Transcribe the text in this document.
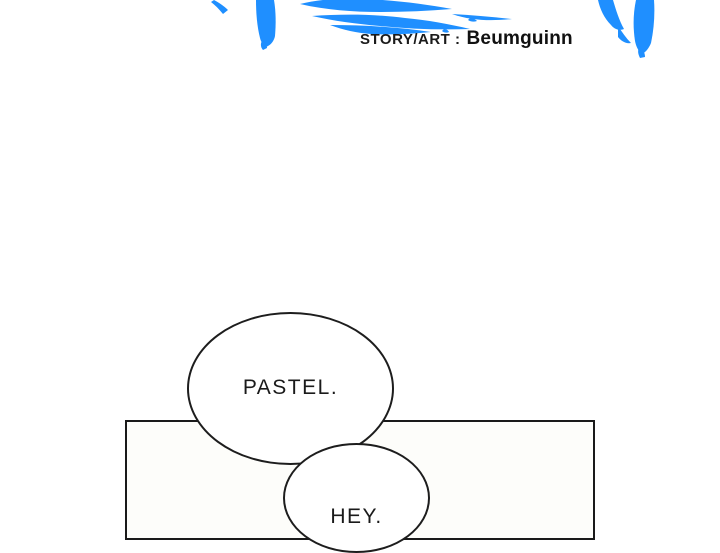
STORY/ART : Beumguinn
PASTEL.
HEY.
